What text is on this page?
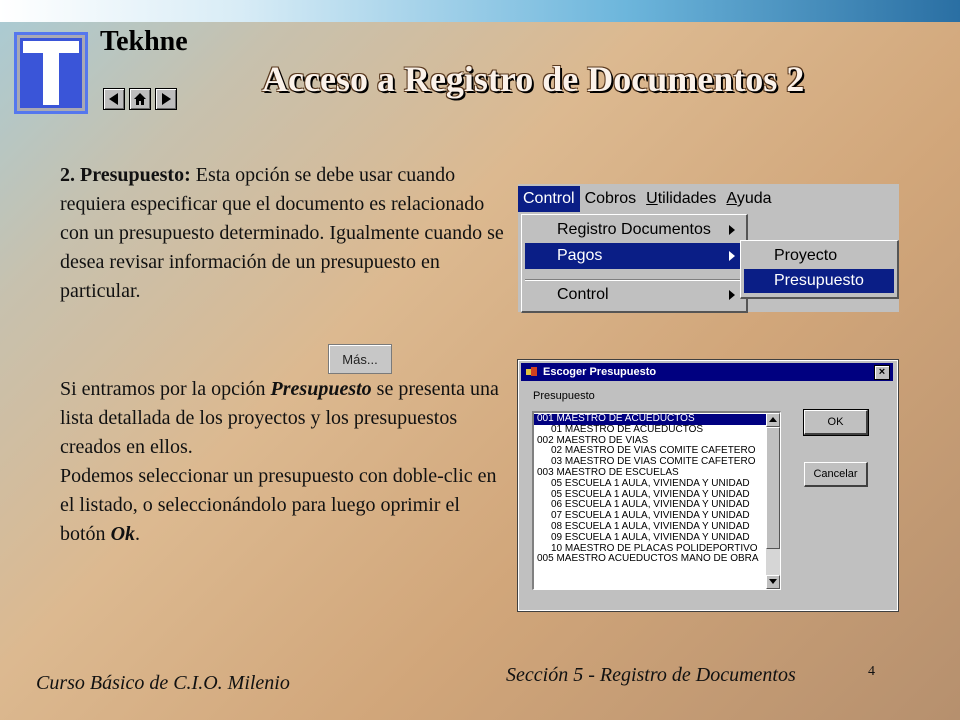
Tekhne
Acceso a Registro de Documentos 2
2. Presupuesto: Esta opción se debe usar cuando requiera especificar que el documento es relacionado con un presupuesto determinado. Igualmente cuando se desea revisar información de un presupuesto en particular.
Más...
Si entramos por la opción Presupuesto se presenta una lista detallada de los proyectos y los presupuestos creados en ellos.
Podemos seleccionar un presupuesto con doble-clic en el listado, o seleccionándolo para luego oprimir el botón Ok.
Control Cobros Utilidades Ayuda
Registro Documentos
Pagos
Control
Proyecto
Presupuesto
Escoger Presupuesto	×
Presupuesto
001 MAESTRO DE ACUEDUCTOS
01 MAESTRO DE ACUEDUCTOS
002 MAESTRO DE VIAS
02 MAESTRO DE VIAS COMITÉ CAFETERO
03 MAESTRO DE VIAS COMITÉ CAFETERO
003 MAESTRO DE ESCUELAS
05 ESCUELA 1 AULA, VIVIENDA Y UNIDAD
05 ESCUELA 1 AULA, VIVIENDA Y UNIDAD
06 ESCUELA 1 AULA, VIVIENDA Y UNIDAD
07 ESCUELA 1 AULA, VIVIENDA Y UNIDAD
08 ESCUELA 1 AULA, VIVIENDA Y UNIDAD
09 ESCUELA 1 AULA, VIVIENDA Y UNIDAD
10 MAESTRO DE PLACAS POLIDEPORTIVO
005 MAESTRO ACUEDUCTOS MANO DE OBRA
OK
Cancelar
Curso Básico de C.I.O. Milenio	Sección 5 - Registro de Documentos	4
